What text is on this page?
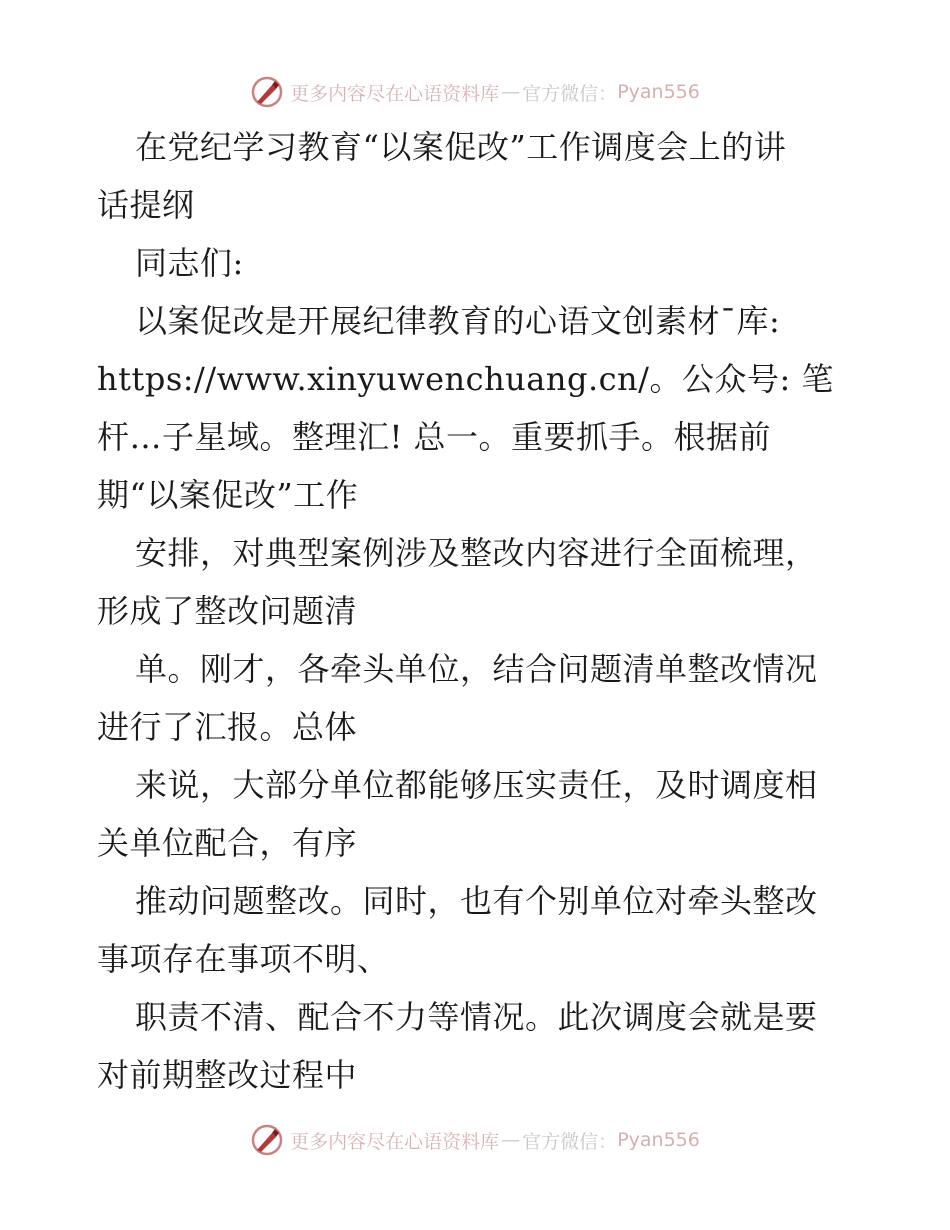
更多内容尽在心语资料库 — 官方微信： Pyan556
在党纪学习教育“以案促改”工作调度会上的讲
话提纲
同志们:
以案促改是开展纪律教育的心语文创素材¯库:
https://www.xinyuwenchuang.cn/。公众号: 笔
杆…子星域。整理汇! 总一。重要抓手。根据前
期“以案促改”工作
安排，对典型案例涉及整改内容进行全面梳理，
形成了整改问题清
单。刚才，各牵头单位，结合问题清单整改情况
进行了汇报。总体
来说，大部分单位都能够压实责任，及时调度相
关单位配合，有序
推动问题整改。同时，也有个别单位对牵头整改
事项存在事项不明、
职责不清、配合不力等情况。此次调度会就是要
对前期整改过程中
更多内容尽在心语资料库 — 官方微信： Pyan556
